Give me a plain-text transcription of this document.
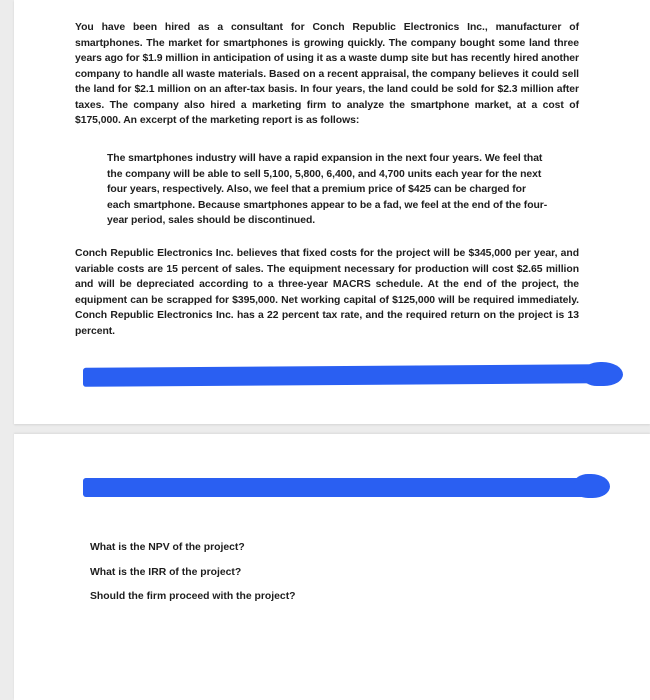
You have been hired as a consultant for Conch Republic Electronics Inc., manufacturer of smartphones. The market for smartphones is growing quickly. The company bought some land three years ago for $1.9 million in anticipation of using it as a waste dump site but has recently hired another company to handle all waste materials. Based on a recent appraisal, the company believes it could sell the land for $2.1 million on an after-tax basis. In four years, the land could be sold for $2.3 million after taxes. The company also hired a marketing firm to analyze the smartphone market, at a cost of $175,000. An excerpt of the marketing report is as follows:

The smartphones industry will have a rapid expansion in the next four years. We feel that the company will be able to sell 5,100, 5,800, 6,400, and 4,700 units each year for the next four years, respectively. Also, we feel that a premium price of $425 can be charged for each smartphone. Because smartphones appear to be a fad, we feel at the end of the four-year period, sales should be discontinued.

Conch Republic Electronics Inc. believes that fixed costs for the project will be $345,000 per year, and variable costs are 15 percent of sales. The equipment necessary for production will cost $2.65 million and will be depreciated according to a three-year MACRS schedule. At the end of the project, the equipment can be scrapped for $395,000. Net working capital of $125,000 will be required immediately. Conch Republic Electronics Inc. has a 22 percent tax rate, and the required return on the project is 13 percent.

What is the NPV of the project?

What is the IRR of the project?

Should the firm proceed with the project?
